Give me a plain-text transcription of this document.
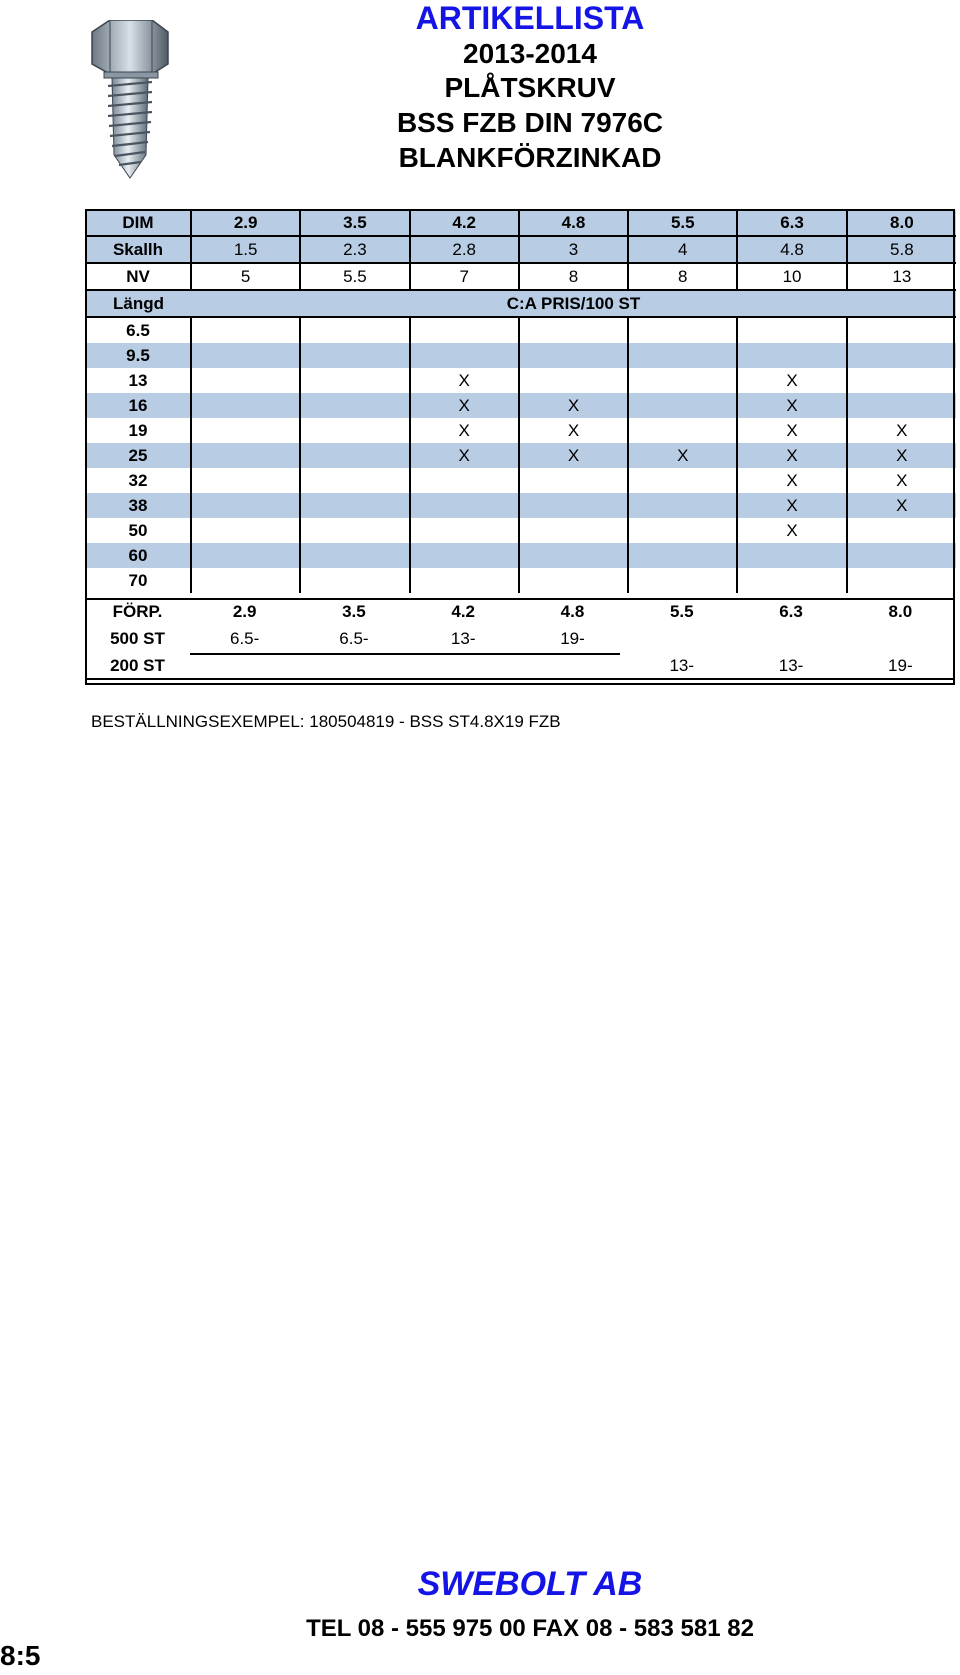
ARTIKELLISTA
2013-2014
PLÅTSKRUV
BSS FZB DIN 7976C
BLANKFÖRZINKAD
DIM	2.9	3.5	4.2	4.8	5.5	6.3	8.0
Skallh	1.5	2.3	2.8	3	4	4.8	5.8
NV	5	5.5	7	8	8	10	13
Längd	C:A PRIS/100 ST						
6.5							
9.5							
13			X			X	
16			X	X		X	
19			X	X		X	X
25			X	X	X	X	X
32						X	X
38						X	X
50						X	
60							
70							
FÖRP.	2.9	3.5	4.2	4.8	5.5	6.3	8.0
500 ST	6.5-	6.5-	13-	19-			
200 ST					13-	13-	19-
BESTÄLLNINGSEXEMPEL: 180504819 - BSS ST4.8X19 FZB
SWEBOLT AB
TEL 08 - 555 975 00 FAX 08 - 583 581 82
8:5
